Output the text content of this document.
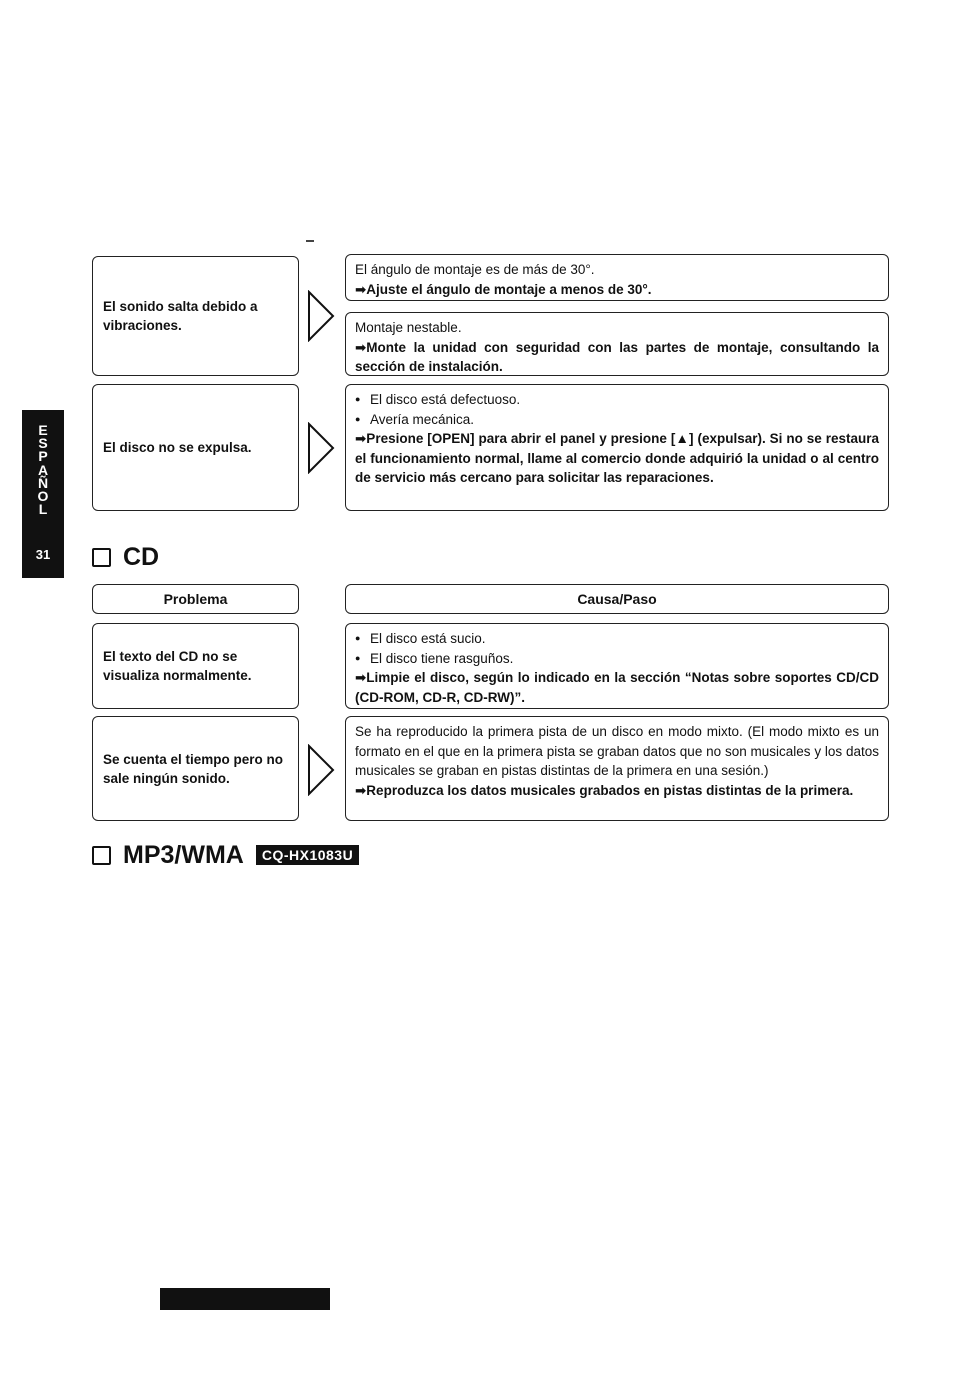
E
S
P
A
Ñ
O
L
31
El sonido salta debido a vibraciones.

El ángulo de montaje es de más de 30°.

➡Ajuste el ángulo de montaje a menos de 30°.

Montaje nestable.

➡Monte la unidad con seguridad con las partes de montaje, consultando la sección de instalación.

El disco no se expulsa.
● El disco está defectuoso.
● Avería mecánica.

➡Presione [OPEN] para abrir el panel y presione [▲] (expulsar). Si no se restaura el funcionamiento normal, llame al comercio donde adquirió la unidad o al centro de servicio más cercano para solicitar las reparaciones.

CD
Problema	Causa/Paso
El texto del CD no se visualiza normalmente.
● El disco está sucio.
● El disco tiene rasguños.

➡Limpie el disco, según lo indicado en la sección “Notas sobre soportes CD/CD (CD-ROM, CD-R, CD-RW)”.

Se cuenta el tiempo pero no sale ningún sonido.

Se ha reproducido la primera pista de un disco en modo mixto. (El modo mixto es un formato en el que en la primera pista se graban datos que no son musicales y los datos musicales se graban en pistas distintas de la primera en una sesión.)

➡Reproduzca los datos musicales grabados en pistas distintas de la primera.

MP3/WMA	CQ-HX1083U
